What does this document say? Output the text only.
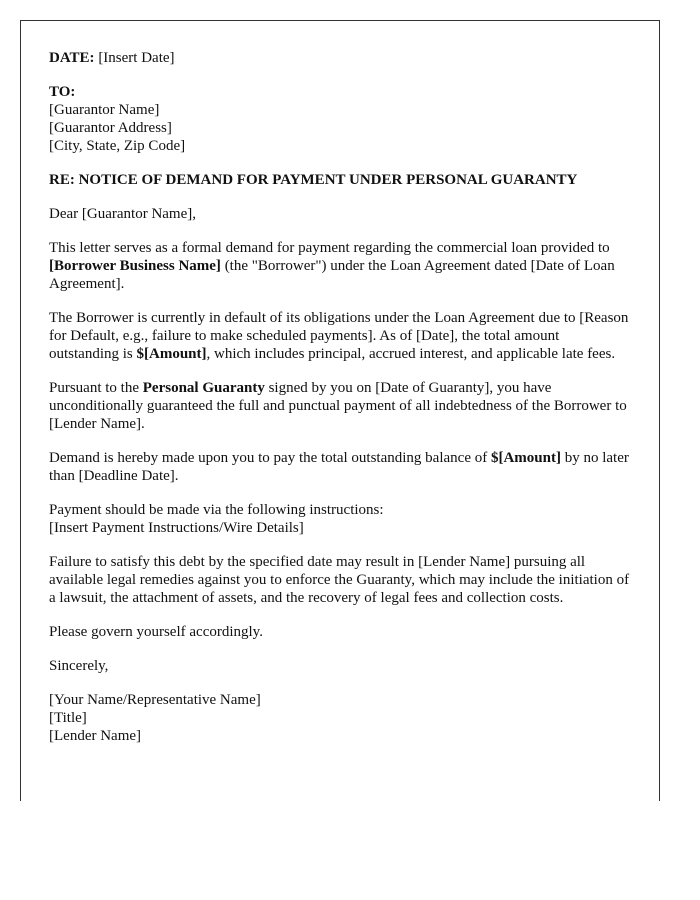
DATE: [Insert Date]

TO:
[Guarantor Name]
[Guarantor Address]
[City, State, Zip Code]

RE: NOTICE OF DEMAND FOR PAYMENT UNDER PERSONAL GUARANTY

Dear [Guarantor Name],

This letter serves as a formal demand for payment regarding the commercial loan provided to [Borrower Business Name] (the "Borrower") under the Loan Agreement dated [Date of Loan Agreement].

The Borrower is currently in default of its obligations under the Loan Agreement due to [Reason for Default, e.g., failure to make scheduled payments]. As of [Date], the total amount outstanding is $[Amount], which includes principal, accrued interest, and applicable late fees.

Pursuant to the Personal Guaranty signed by you on [Date of Guaranty], you have unconditionally guaranteed the full and punctual payment of all indebtedness of the Borrower to [Lender Name].

Demand is hereby made upon you to pay the total outstanding balance of $[Amount] by no later than [Deadline Date].

Payment should be made via the following instructions:
[Insert Payment Instructions/Wire Details]

Failure to satisfy this debt by the specified date may result in [Lender Name] pursuing all available legal remedies against you to enforce the Guaranty, which may include the initiation of a lawsuit, the attachment of assets, and the recovery of legal fees and collection costs.

Please govern yourself accordingly.

Sincerely,

[Your Name/Representative Name]
[Title]
[Lender Name]
